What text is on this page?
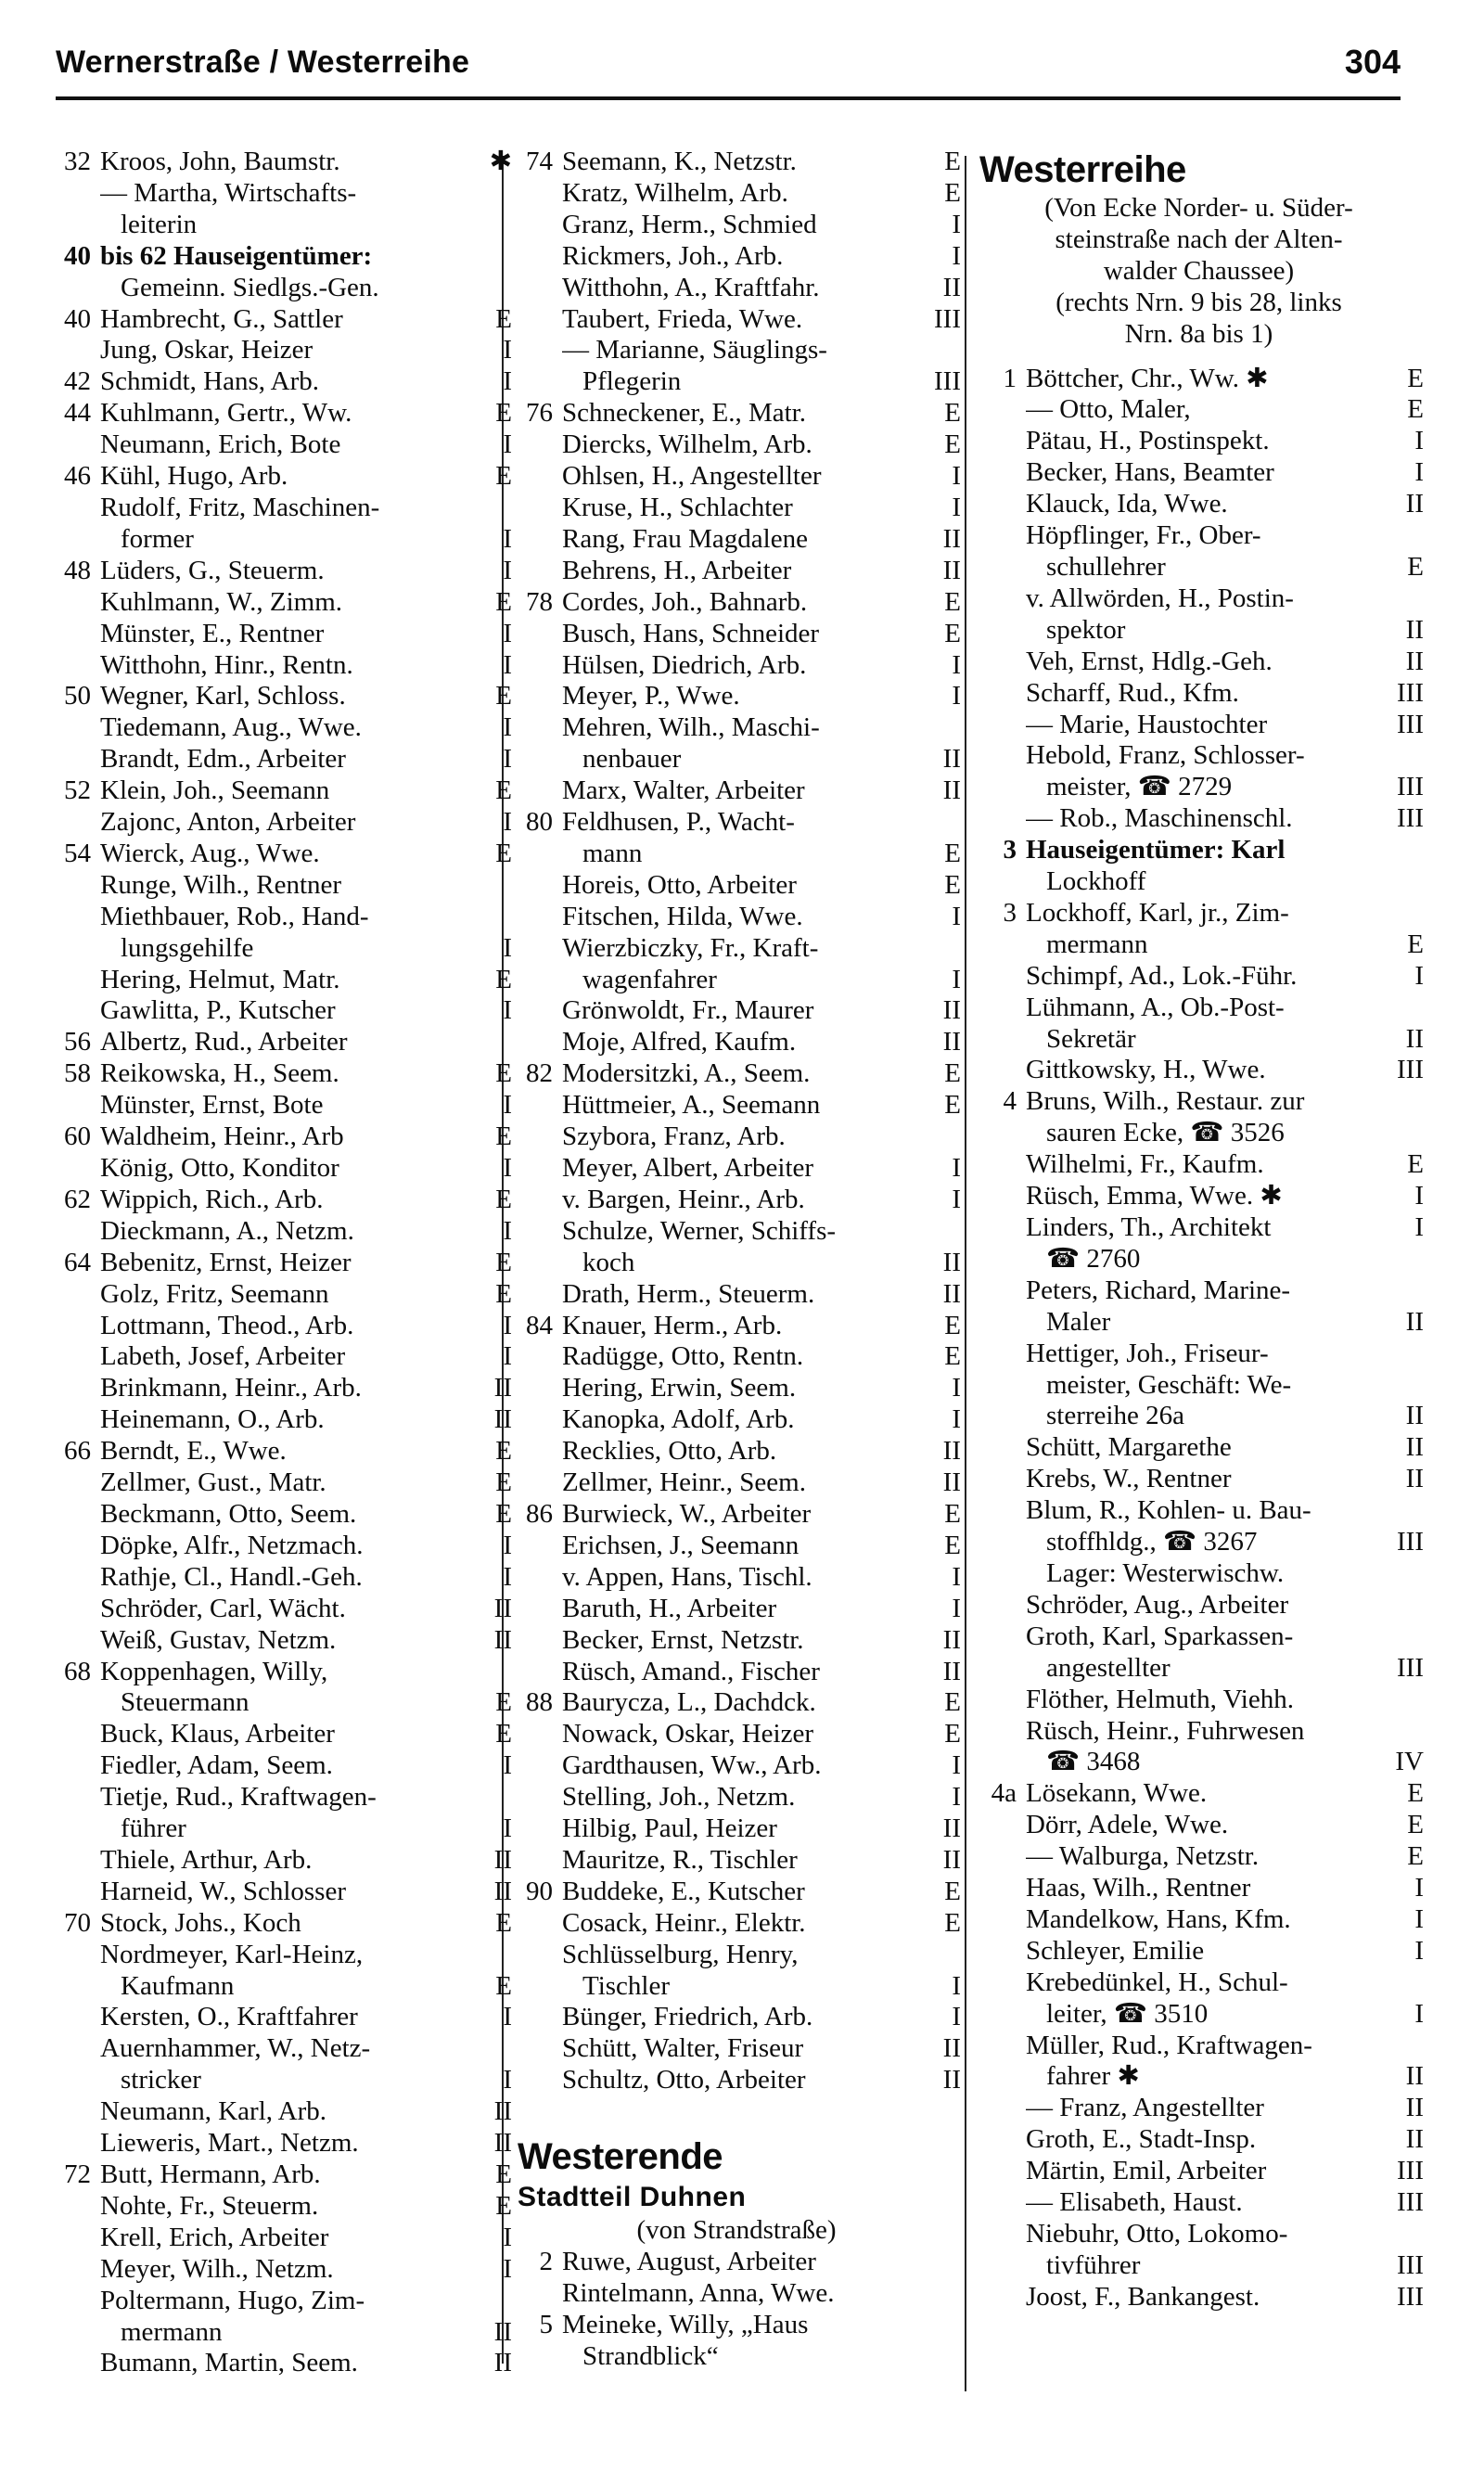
Wernerstraße / Westerreihe	304
32 Kroos, John, Baumstr.	✱
— Martha, Wirtschafts-
leiterin
40 bis 62 Hauseigentümer:
Gemeinn. Siedlgs.-Gen.
40 Hambrecht, G., Sattler	E
Jung, Oskar, Heizer	I
42 Schmidt, Hans, Arb.	I
44 Kuhlmann, Gertr., Ww.	E
Neumann, Erich, Bote	I
46 Kühl, Hugo, Arb.	E
Rudolf, Fritz, Maschinen-
former	I
48 Lüders, G., Steuerm.	I
Kuhlmann, W., Zimm.	E
Münster, E., Rentner	I
Witthohn, Hinr., Rentn.	I
50 Wegner, Karl, Schloss.	E
Tiedemann, Aug., Wwe.	I
Brandt, Edm., Arbeiter	I
52 Klein, Joh., Seemann	E
Zajonc, Anton, Arbeiter	I
54 Wierck, Aug., Wwe.	E
Runge, Wilh., Rentner
Miethbauer, Rob., Hand-
lungsgehilfe	I
Hering, Helmut, Matr.	E
Gawlitta, P., Kutscher	I
56 Albertz, Rud., Arbeiter
58 Reikowska, H., Seem.	E
Münster, Ernst, Bote	I
60 Waldheim, Heinr., Arb	E
König, Otto, Konditor	I
62 Wippich, Rich., Arb.	E
Dieckmann, A., Netzm.	I
64 Bebenitz, Ernst, Heizer	E
Golz, Fritz, Seemann	E
Lottmann, Theod., Arb.	I
Labeth, Josef, Arbeiter	I
Brinkmann, Heinr., Arb.	II
Heinemann, O., Arb.	II
66 Berndt, E., Wwe.	E
Zellmer, Gust., Matr.	E
Beckmann, Otto, Seem.	E
Döpke, Alfr., Netzmach.	I
Rathje, Cl., Handl.-Geh.	I
Schröder, Carl, Wächt.	II
Weiß, Gustav, Netzm.	II
68 Koppenhagen, Willy,
Steuermann	E
Buck, Klaus, Arbeiter	E
Fiedler, Adam, Seem.	I
Tietje, Rud., Kraftwagen-
führer	I
Thiele, Arthur, Arb.	II
Harneid, W., Schlosser	II
70 Stock, Johs., Koch	E
Nordmeyer, Karl-Heinz,
Kaufmann	E
Kersten, O., Kraftfahrer	I
Auernhammer, W., Netz-
stricker	I
Neumann, Karl, Arb.	II
Lieweris, Mart., Netzm.	II
72 Butt, Hermann, Arb.	E
Nohte, Fr., Steuerm.	E
Krell, Erich, Arbeiter	I
Meyer, Wilh., Netzm.	I
Poltermann, Hugo, Zim-
mermann	II
Bumann, Martin, Seem.	II
74 Seemann, K., Netzstr.	E
Kratz, Wilhelm, Arb.	E
Granz, Herm., Schmied	I
Rickmers, Joh., Arb.	I
Witthohn, A., Kraftfahr.	II
Taubert, Frieda, Wwe.	III
— Marianne, Säuglings-
Pflegerin	III
76 Schneckener, E., Matr.	E
Diercks, Wilhelm, Arb.	E
Ohlsen, H., Angestellter	I
Kruse, H., Schlachter	I
Rang, Frau Magdalene	II
Behrens, H., Arbeiter	II
78 Cordes, Joh., Bahnarb.	E
Busch, Hans, Schneider	E
Hülsen, Diedrich, Arb.	I
Meyer, P., Wwe.	I
Mehren, Wilh., Maschi-
nenbauer	II
Marx, Walter, Arbeiter	II
80 Feldhusen, P., Wacht-
mann	E
Horeis, Otto, Arbeiter	E
Fitschen, Hilda, Wwe.	I
Wierzbiczky, Fr., Kraft-
wagenfahrer	I
Grönwoldt, Fr., Maurer	II
Moje, Alfred, Kaufm.	II
82 Modersitzki, A., Seem.	E
Hüttmeier, A., Seemann	E
Szybora, Franz, Arb.
Meyer, Albert, Arbeiter	I
v. Bargen, Heinr., Arb.	I
Schulze, Werner, Schiffs-
koch	II
Drath, Herm., Steuerm.	II
84 Knauer, Herm., Arb.	E
Radügge, Otto, Rentn.	E
Hering, Erwin, Seem.	I
Kanopka, Adolf, Arb.	I
Recklies, Otto, Arb.	II
Zellmer, Heinr., Seem.	II
86 Burwieck, W., Arbeiter	E
Erichsen, J., Seemann	E
v. Appen, Hans, Tischl.	I
Baruth, H., Arbeiter	I
Becker, Ernst, Netzstr.	II
Rüsch, Amand., Fischer	II
88 Baurycza, L., Dachdck.	E
Nowack, Oskar, Heizer	E
Gardthausen, Ww., Arb.	I
Stelling, Joh., Netzm.	I
Hilbig, Paul, Heizer	II
Mauritze, R., Tischler	II
90 Buddeke, E., Kutscher	E
Cosack, Heinr., Elektr.	E
Schlüsselburg, Henry,
Tischler	I
Bünger, Friedrich, Arb.	I
Schütt, Walter, Friseur	II
Schultz, Otto, Arbeiter	II
Westerende
Stadtteil Duhnen
(von Strandstraße)
2 Ruwe, August, Arbeiter
Rintelmann, Anna, Wwe.
5 Meineke, Willy, „Haus
Strandblick“
Westerreihe
(Von Ecke Norder- u. Süder-
steinstraße nach der Alten-
walder Chaussee)
(rechts Nrn. 9 bis 28, links
Nrn. 8a bis 1)
1 Böttcher, Chr., Ww. ✱	E
— Otto, Maler,	E
Pätau, H., Postinspekt.	I
Becker, Hans, Beamter	I
Klauck, Ida, Wwe.	II
Höpflinger, Fr., Ober-
schullehrer	E
v. Allwörden, H., Postin-
spektor	II
Veh, Ernst, Hdlg.-Geh.	II
Scharff, Rud., Kfm.	III
— Marie, Haustochter	III
Hebold, Franz, Schlosser-
meister, ☎ 2729	III
— Rob., Maschinenschl.	III
3 Hauseigentümer: Karl
Lockhoff
3 Lockhoff, Karl, jr., Zim-
mermann	E
Schimpf, Ad., Lok.-Führ.	I
Lühmann, A., Ob.-Post-
Sekretär	II
Gittkowsky, H., Wwe.	III
4 Bruns, Wilh., Restaur. zur
sauren Ecke, ☎ 3526
Wilhelmi, Fr., Kaufm.	E
Rüsch, Emma, Wwe. ✱	I
Linders, Th., Architekt	I
☎ 2760
Peters, Richard, Marine-
Maler	II
Hettiger, Joh., Friseur-
meister, Geschäft: We-
sterreihe 26a	II
Schütt, Margarethe	II
Krebs, W., Rentner	II
Blum, R., Kohlen- u. Bau-
stoffhldg., ☎ 3267	III
Lager: Westerwischw.
Schröder, Aug., Arbeiter
Groth, Karl, Sparkassen-
angestellter	III
Flöther, Helmuth, Viehh.
Rüsch, Heinr., Fuhrwesen
☎ 3468	IV
4a Lösekann, Wwe.	E
Dörr, Adele, Wwe.	E
— Walburga, Netzstr.	E
Haas, Wilh., Rentner	I
Mandelkow, Hans, Kfm.	I
Schleyer, Emilie	I
Krebedünkel, H., Schul-
leiter, ☎ 3510	I
Müller, Rud., Kraftwagen-
fahrer ✱	II
— Franz, Angestellter	II
Groth, E., Stadt-Insp.	II
Märtin, Emil, Arbeiter	III
— Elisabeth, Haust.	III
Niebuhr, Otto, Lokomo-
tivführer	III
Joost, F., Bankangest.	III
